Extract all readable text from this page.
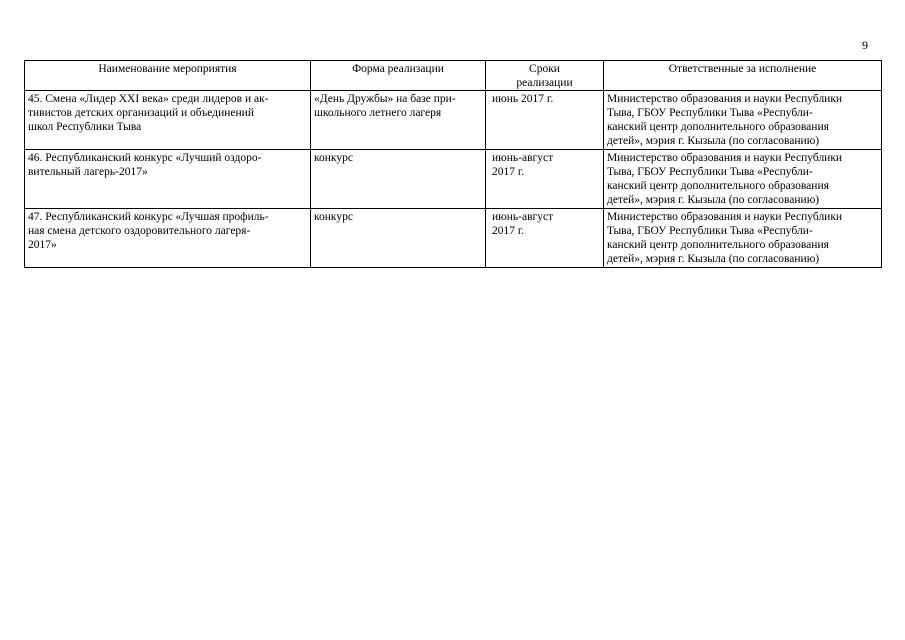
9
Наименование мероприятия	Форма реализации	Сроки
реализации	Ответственные за исполнение

45. Смена «Лидер XXI века» среди лидеров и ак-
тивистов детских организаций и объединений
школ Республики Тыва	«День Дружбы» на базе при-
школьного летнего лагеря	июнь 2017 г.	Министерство образования и науки Республики
Тыва, ГБОУ Республики Тыва «Республи-
канский центр дополнительного образования
детей», мэрия г. Кызыла (по согласованию)

46. Республиканский конкурс «Лучший оздоро-
вительный лагерь-2017»	конкурс	июнь-август
2017 г.	Министерство образования и науки Республики
Тыва, ГБОУ Республики Тыва «Республи-
канский центр дополнительного образования
детей», мэрия г. Кызыла (по согласованию)

47. Республиканский конкурс «Лучшая профиль-
ная смена детского оздоровительного лагеря-
2017»	конкурс	июнь-август
2017 г.	Министерство образования и науки Республики
Тыва, ГБОУ Республики Тыва «Республи-
канский центр дополнительного образования
детей», мэрия г. Кызыла (по согласованию)
